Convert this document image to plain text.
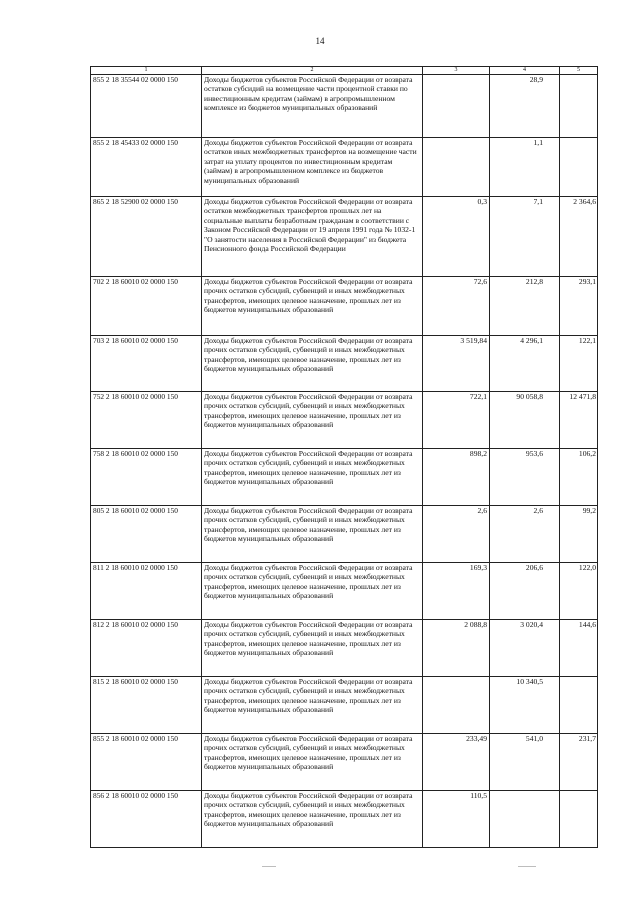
14
1	2	3	4	5
855 2 18 35544 02 0000 150	Доходы бюджетов субъектов Российской Федерации от возврата остатков субсидий на возмещение части процентной ставки по инвестиционным кредитам (займам) в агропромышленном комплексе из бюджетов муниципальных образований		28,9	
855 2 18 45433 02 0000 150	Доходы бюджетов субъектов Российской Федерации от возврата остатков иных межбюджетных трансфертов на возмещение части затрат на уплату процентов по инвестиционным кредитам (займам) в агропромышленном комплексе из бюджетов муниципальных образований		1,1	
865 2 18 52900 02 0000 150	Доходы бюджетов субъектов Российской Федерации от возврата остатков межбюджетных трансфертов прошлых лет на социальные выплаты безработным гражданам в соответствии с Законом Российской Федерации от 19 апреля 1991 года № 1032-1 "О занятости населения в Российской Федерации" из бюджета Пенсионного фонда Российской Федерации	0,3	7,1	2 364,6
702 2 18 60010 02 0000 150	Доходы бюджетов субъектов Российской Федерации от возврата прочих остатков субсидий, субвенций и иных межбюджетных трансфертов, имеющих целевое назначение, прошлых лет из бюджетов муниципальных образований	72,6	212,8	293,1
703 2 18 60010 02 0000 150	Доходы бюджетов субъектов Российской Федерации от возврата прочих остатков субсидий, субвенций и иных межбюджетных трансфертов, имеющих целевое назначение, прошлых лет из бюджетов муниципальных образований	3 519,84	4 296,1	122,1
752 2 18 60010 02 0000 150	Доходы бюджетов субъектов Российской Федерации от возврата прочих остатков субсидий, субвенций и иных межбюджетных трансфертов, имеющих целевое назначение, прошлых лет из бюджетов муниципальных образований	722,1	90 058,8	12 471,8
758 2 18 60010 02 0000 150	Доходы бюджетов субъектов Российской Федерации от возврата прочих остатков субсидий, субвенций и иных межбюджетных трансфертов, имеющих целевое назначение, прошлых лет из бюджетов муниципальных образований	898,2	953,6	106,2
805 2 18 60010 02 0000 150	Доходы бюджетов субъектов Российской Федерации от возврата прочих остатков субсидий, субвенций и иных межбюджетных трансфертов, имеющих целевое назначение, прошлых лет из бюджетов муниципальных образований	2,6	2,6	99,2
811 2 18 60010 02 0000 150	Доходы бюджетов субъектов Российской Федерации от возврата прочих остатков субсидий, субвенций и иных межбюджетных трансфертов, имеющих целевое назначение, прошлых лет из бюджетов муниципальных образований	169,3	206,6	122,0
812 2 18 60010 02 0000 150	Доходы бюджетов субъектов Российской Федерации от возврата прочих остатков субсидий, субвенций и иных межбюджетных трансфертов, имеющих целевое назначение, прошлых лет из бюджетов муниципальных образований	2 088,8	3 020,4	144,6
815 2 18 60010 02 0000 150	Доходы бюджетов субъектов Российской Федерации от возврата прочих остатков субсидий, субвенций и иных межбюджетных трансфертов, имеющих целевое назначение, прошлых лет из бюджетов муниципальных образований		10 340,5	
855 2 18 60010 02 0000 150	Доходы бюджетов субъектов Российской Федерации от возврата прочих остатков субсидий, субвенций и иных межбюджетных трансфертов, имеющих целевое назначение, прошлых лет из бюджетов муниципальных образований	233,49	541,0	231,7
856 2 18 60010 02 0000 150	Доходы бюджетов субъектов Российской Федерации от возврата прочих остатков субсидий, субвенций и иных межбюджетных трансфертов, имеющих целевое назначение, прошлых лет из бюджетов муниципальных образований	110,5		
